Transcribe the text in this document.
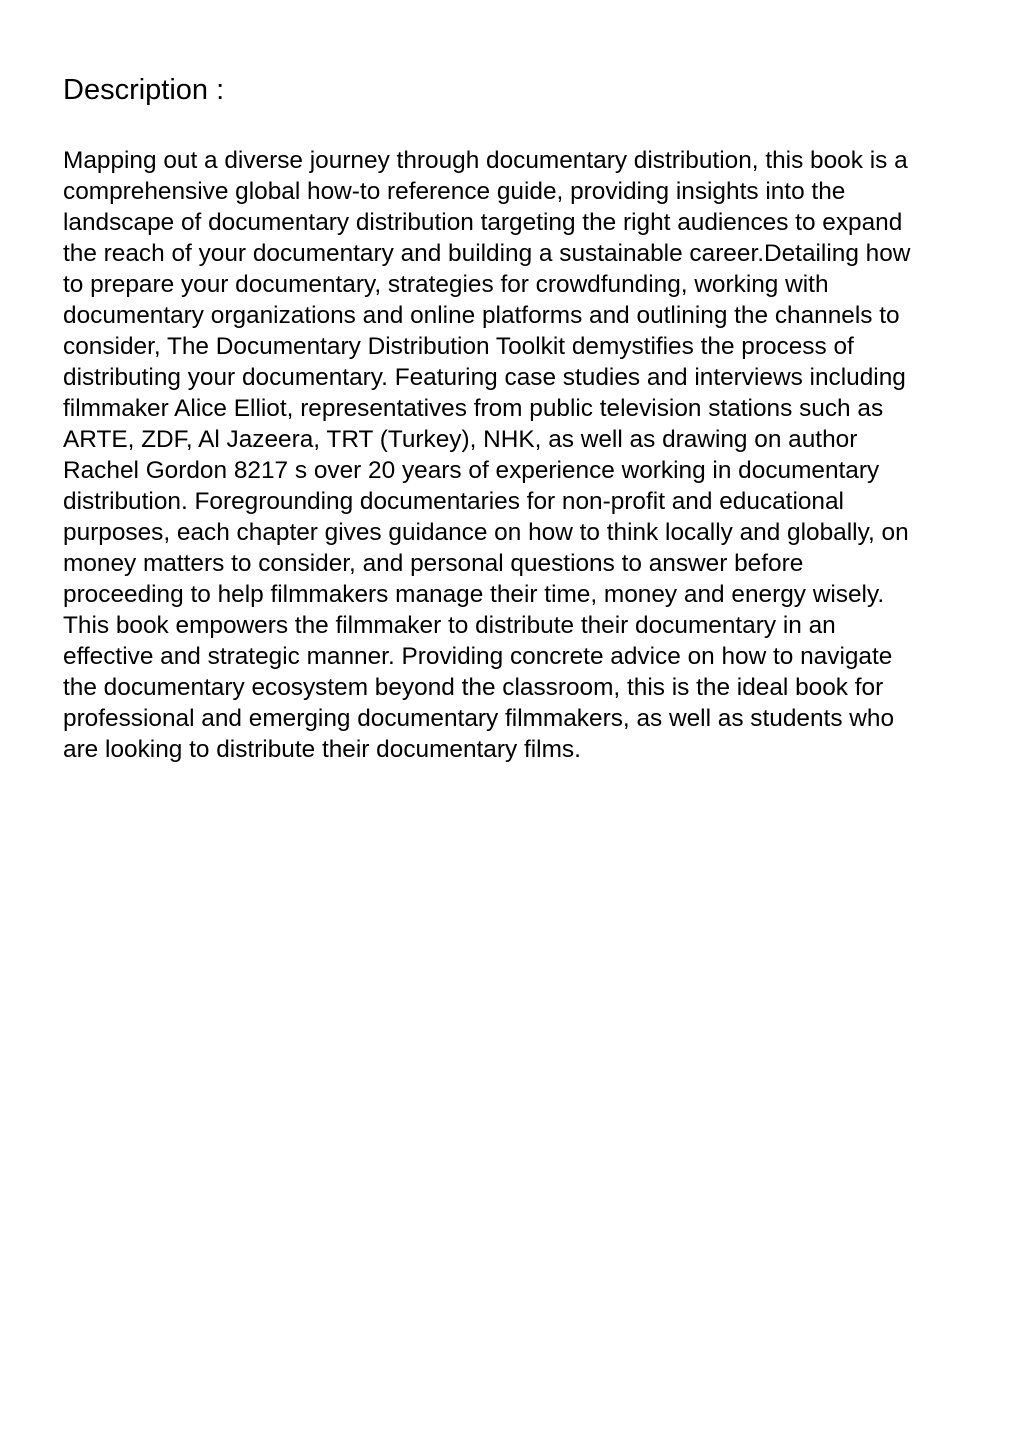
Description :

Mapping out a diverse journey through documentary distribution, this book is a
comprehensive global how-to reference guide, providing insights into the
landscape of documentary distribution targeting the right audiences to expand
the reach of your documentary and building a sustainable career.Detailing how
to prepare your documentary, strategies for crowdfunding, working with
documentary organizations and online platforms and outlining the channels to
consider, The Documentary Distribution Toolkit demystifies the process of
distributing your documentary. Featuring case studies and interviews including
filmmaker Alice Elliot, representatives from public television stations such as
ARTE, ZDF, Al Jazeera, TRT (Turkey), NHK, as well as drawing on author
Rachel Gordon 8217 s over 20 years of experience working in documentary
distribution. Foregrounding documentaries for non-profit and educational
purposes, each chapter gives guidance on how to think locally and globally, on
money matters to consider, and personal questions to answer before
proceeding to help filmmakers manage their time, money and energy wisely.
This book empowers the filmmaker to distribute their documentary in an
effective and strategic manner. Providing concrete advice on how to navigate
the documentary ecosystem beyond the classroom, this is the ideal book for
professional and emerging documentary filmmakers, as well as students who
are looking to distribute their documentary films.
